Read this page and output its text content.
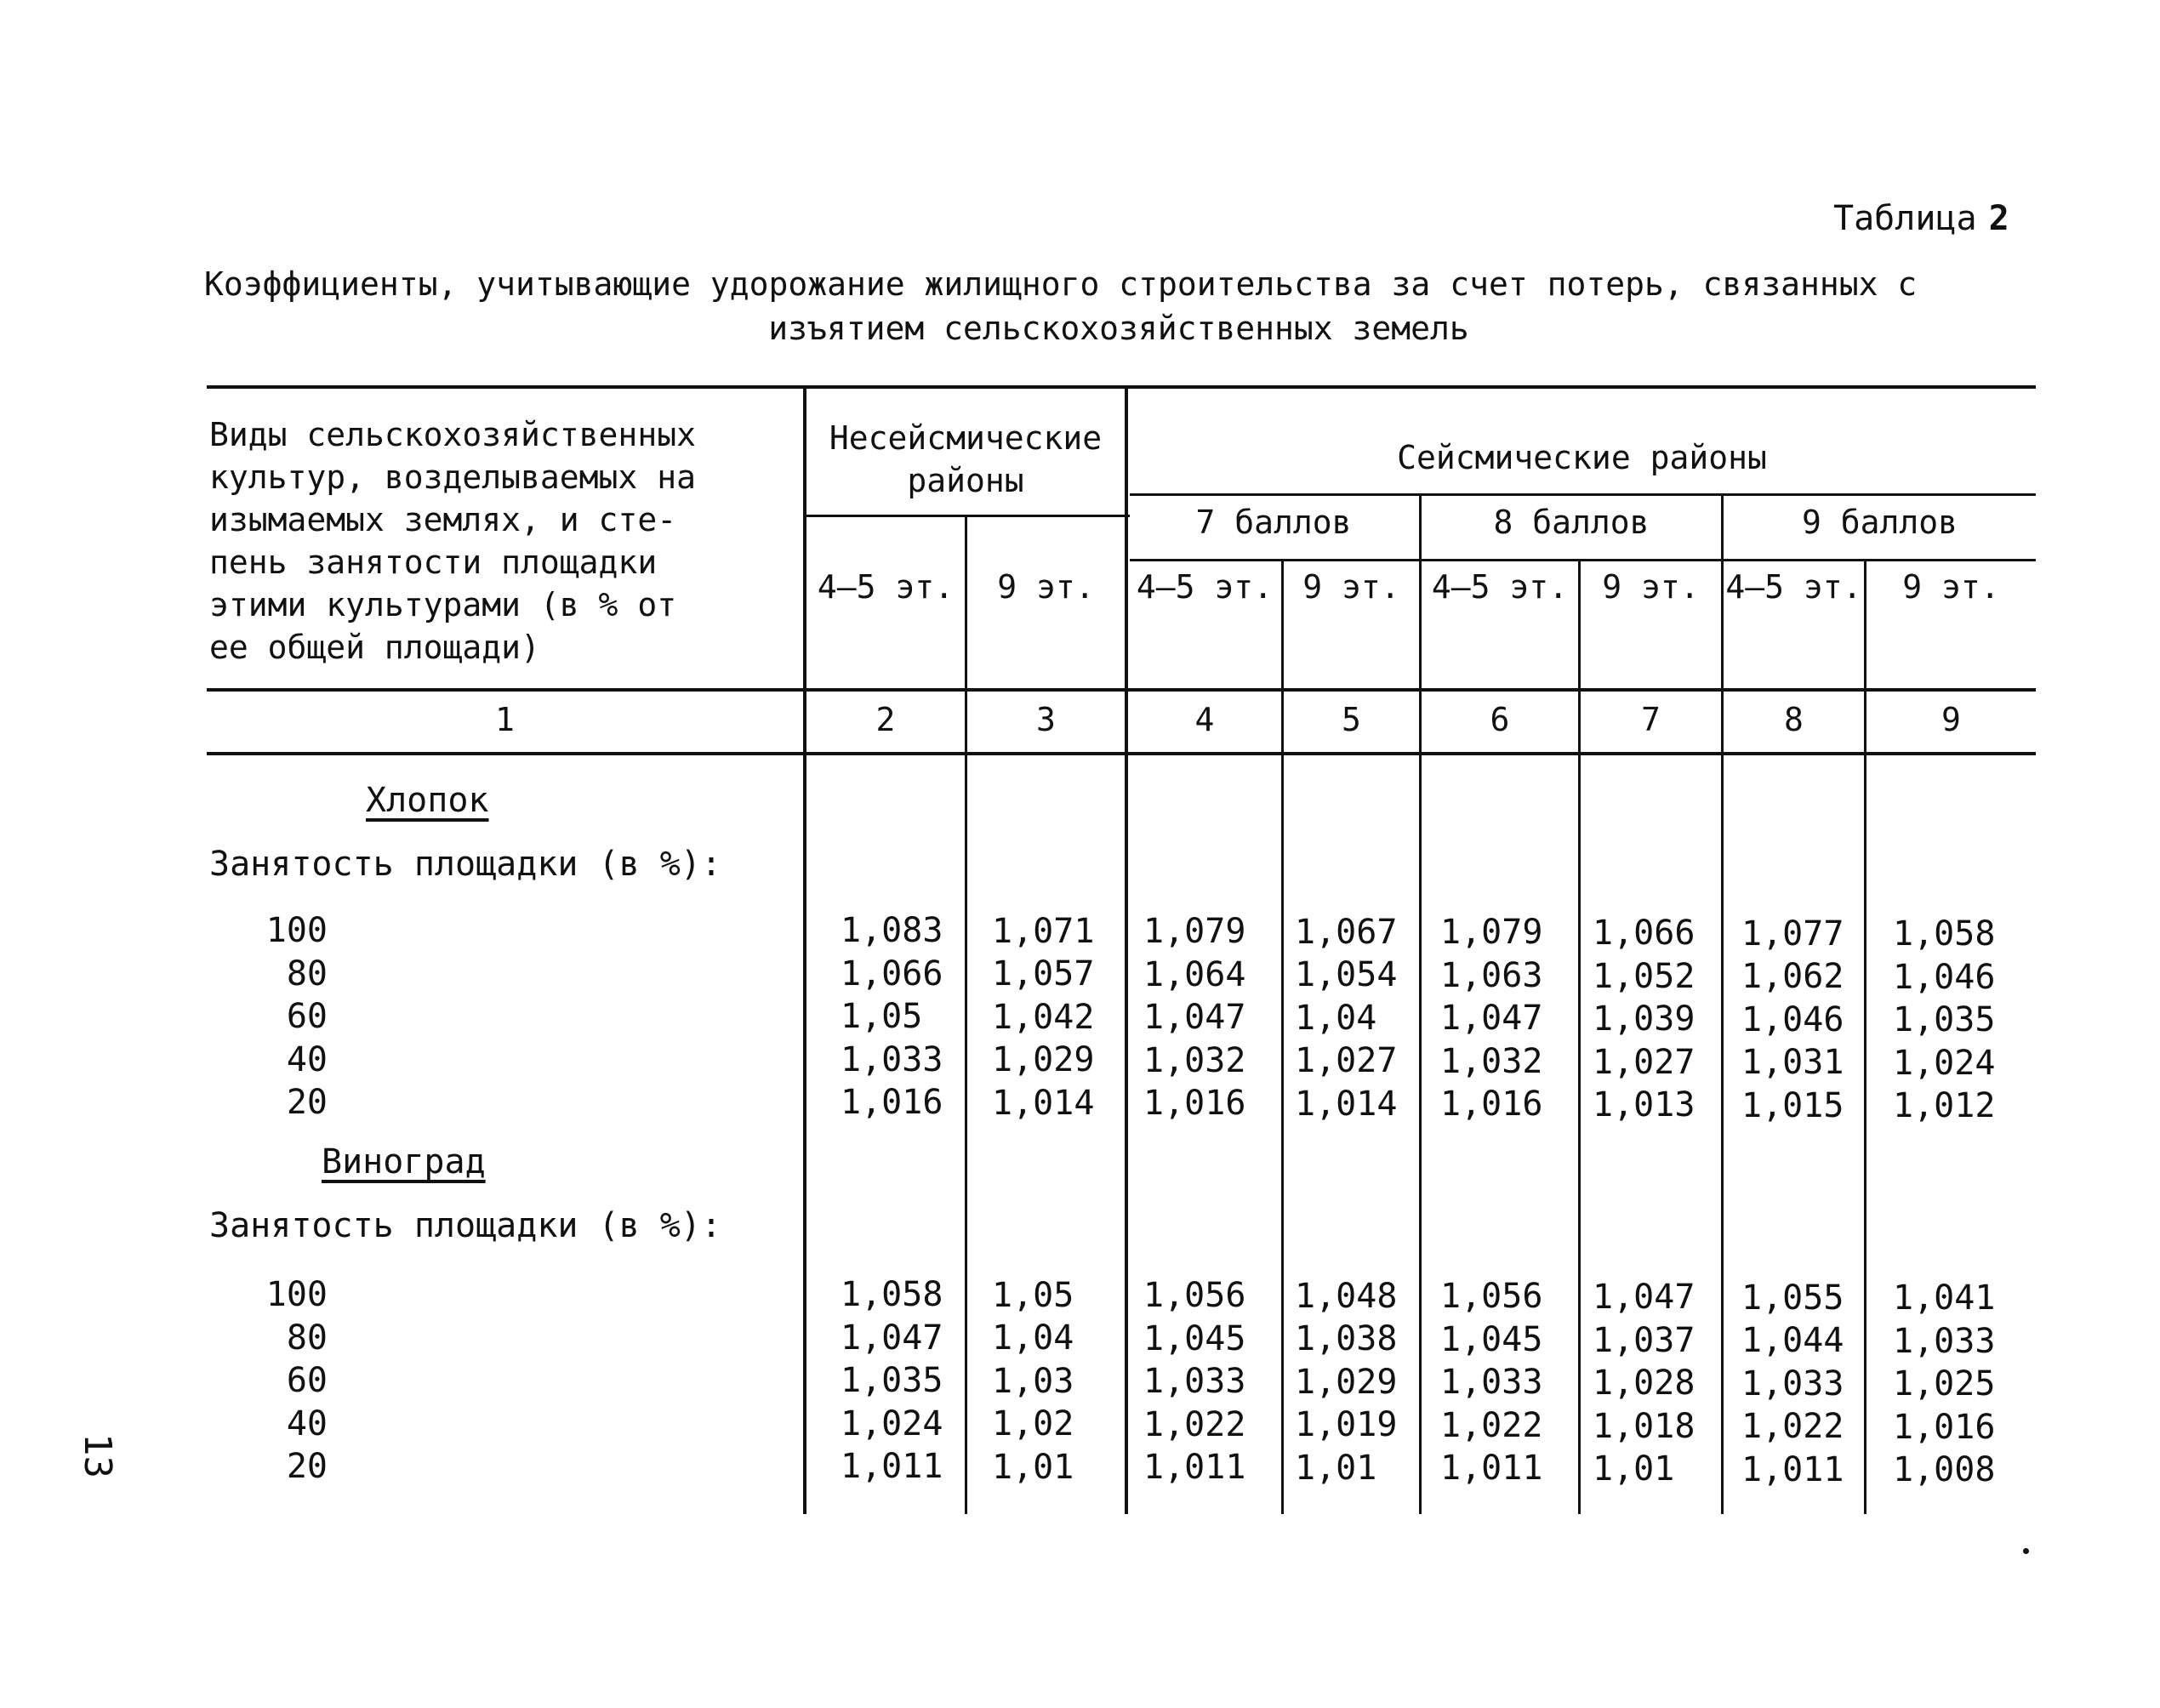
Таблица 2
Коэффициенты, учитывающие удорожание жилищного строительства за счет потерь, связанных с
изъятием сельскохозяйственных земель
Виды сельскохозяйственных
культур, возделываемых на
изымаемых землях, и сте-
пень занятости площадки
этими культурами (в % от
ее общей площади)
Несейсмические
районы
Сейсмические районы
7 баллов	8 баллов	9 баллов
4–5 эт.	9 эт.	4–5 эт. 9 эт. 4–5 эт.	9 эт. 4–5 эт.	9 эт.
1	2	3	4	5	6	7	8	9
Хлопок
Занятость площадки (в %):
100	1,083 1,071 1,079 1,067 1,079 1,066 1,077 1,058
80	1,066 1,057 1,064 1,054 1,063 1,052 1,062 1,046
60	1,05 1,042 1,047 1,04 1,047 1,039 1,046 1,035
40	1,033 1,029 1,032 1,027 1,032 1,027 1,031 1,024
20	1,016 1,014 1,016 1,014 1,016 1,013 1,015 1,012
Виноград
Занятость площадки (в %):
100	1,058 1,05 1,056 1,048 1,056 1,047 1,055 1,041
80	1,047 1,04 1,045 1,038 1,045 1,037 1,044 1,033
60	1,035 1,03 1,033 1,029 1,033 1,028 1,033 1,025
40	1,024 1,02 1,022 1,019 1,022 1,018 1,022 1,016
20	1,011 1,01 1,011 1,01 1,011 1,01 1,011 1,008
13
